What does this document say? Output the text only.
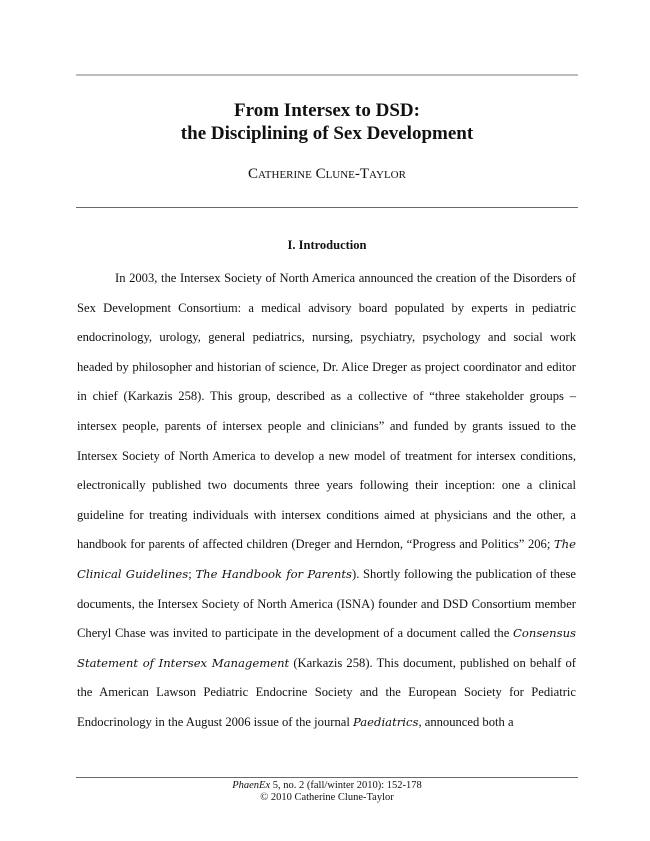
From Intersex to DSD:
the Disciplining of Sex Development
Catherine Clune-Taylor
I. Introduction

In 2003, the Intersex Society of North America announced the creation of the Disorders of Sex Development Consortium: a medical advisory board populated by experts in pediatric endocrinology, urology, general pediatrics, nursing, psychiatry, psychology and social work headed by philosopher and historian of science, Dr. Alice Dreger as project coordinator and editor in chief (Karkazis 258). This group, described as a collective of “three stakeholder groups – intersex people, parents of intersex people and clinicians” and funded by grants issued to the Intersex Society of North America to develop a new model of treatment for intersex conditions, electronically published two documents three years following their inception: one a clinical guideline for treating individuals with intersex conditions aimed at physicians and the other, a handbook for parents of affected children (Dreger and Herndon, “Progress and Politics” 206; The Clinical Guidelines; The Handbook for Parents). Shortly following the publication of these documents, the Intersex Society of North America (ISNA) founder and DSD Consortium member Cheryl Chase was invited to participate in the development of a document called the Consensus Statement of Intersex Management (Karkazis 258). This document, published on behalf of the American Lawson Pediatric Endocrine Society and the European Society for Pediatric Endocrinology in the August 2006 issue of the journal Paediatrics, announced both a

PhaenEx 5, no. 2 (fall/winter 2010): 152-178
© 2010 Catherine Clune-Taylor
